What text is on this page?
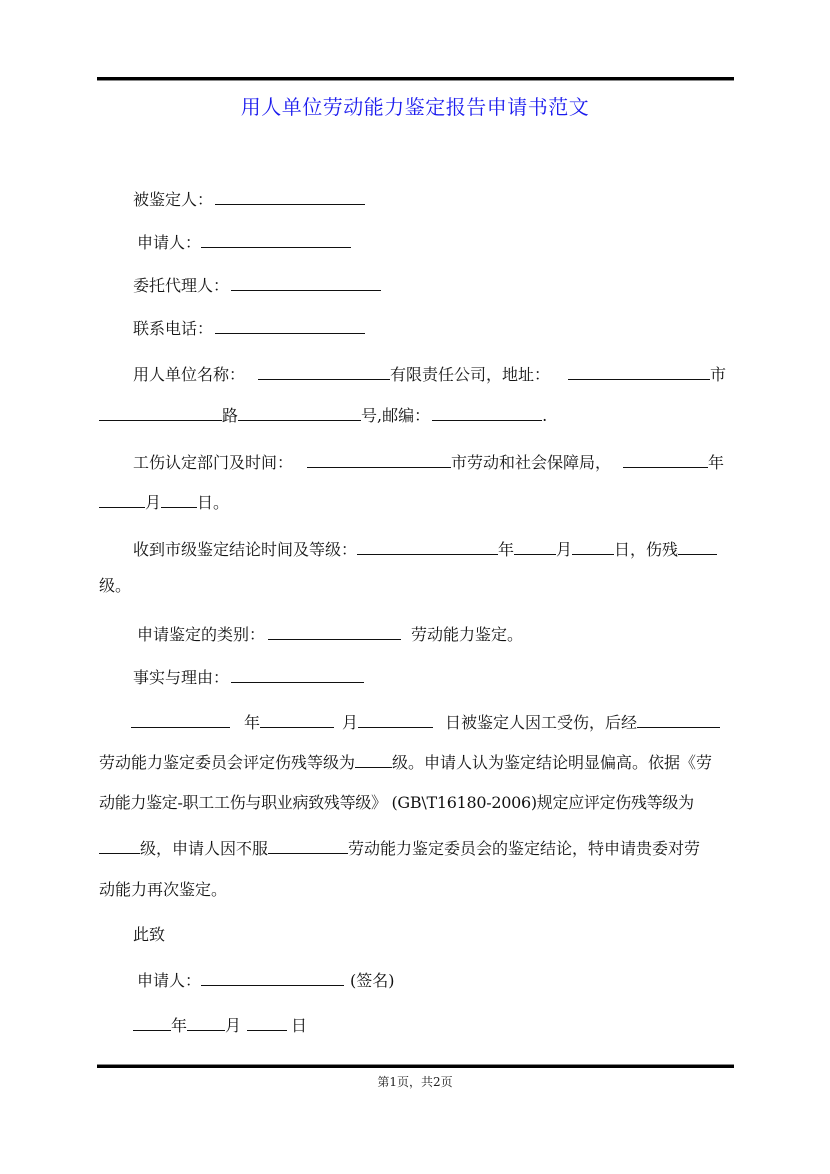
用人单位劳动能力鉴定报告申请书范文
被鉴定人：
申请人：
委托代理人：
联系电话：
用人单位名称：	有限责任公司，地址：	市
路	号,邮编：	.
工伤认定部门及时间：	市劳动和社会保障局，	年
月 日。
收到市级鉴定结论时间及等级：	年	月	日，伤残
级。
申请鉴定的类别：	劳动能力鉴定。
事实与理由：
年	月	日被鉴定人因工受伤，后经
劳动能力鉴定委员会评定伤残等级为 级。申请人认为鉴定结论明显偏高。依据《劳
动能力鉴定-职工工伤与职业病致残等级》 (GB\T16180-2006)规定应评定伤残等级为
级，申请人因不服	劳动能力鉴定委员会的鉴定结论，特申请贵委对劳
动能力再次鉴定。
此致
申请人：	(签名)
年 月	日
第1页，共2页
